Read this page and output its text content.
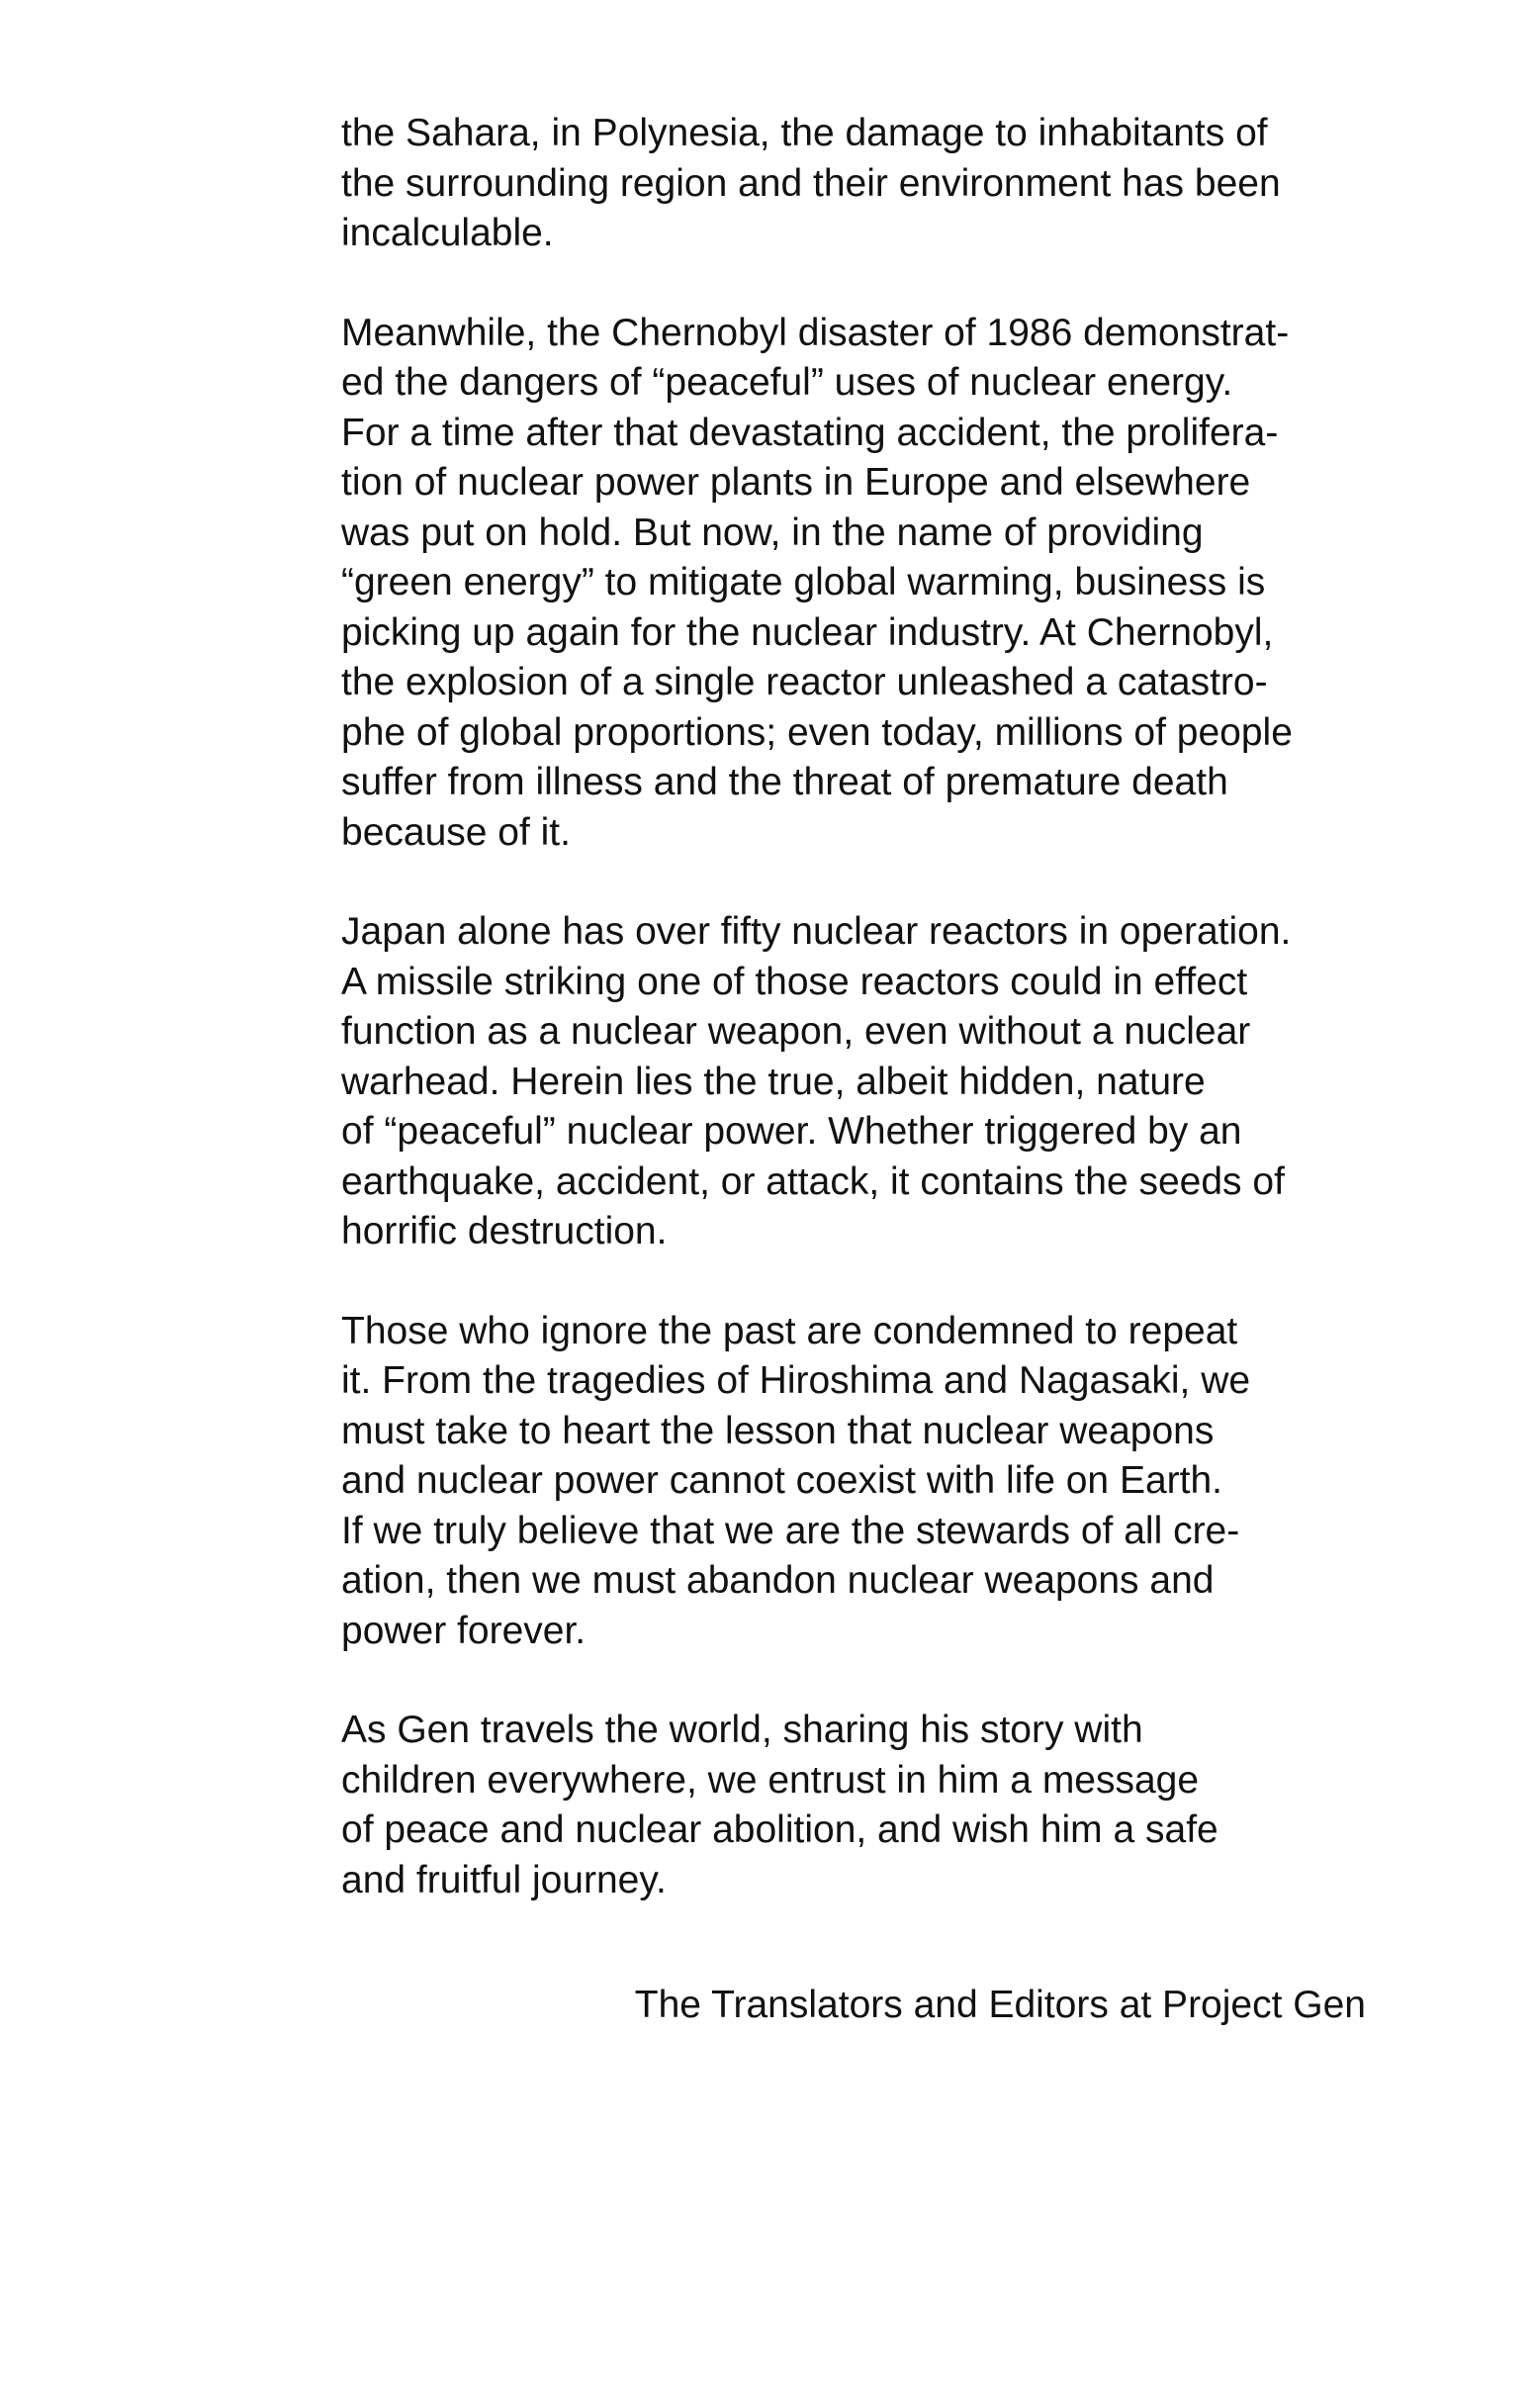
the Sahara, in Polynesia, the damage to inhabitants of
the surrounding region and their environment has been
incalculable.
Meanwhile, the Chernobyl disaster of 1986 demonstrat-
ed the dangers of “peaceful” uses of nuclear energy.
For a time after that devastating accident, the prolifera-
tion of nuclear power plants in Europe and elsewhere
was put on hold. But now, in the name of providing
“green energy” to mitigate global warming, business is
picking up again for the nuclear industry. At Chernobyl,
the explosion of a single reactor unleashed a catastro-
phe of global proportions; even today, millions of people
suffer from illness and the threat of premature death
because of it.
Japan alone has over fifty nuclear reactors in operation.
A missile striking one of those reactors could in effect
function as a nuclear weapon, even without a nuclear
warhead. Herein lies the true, albeit hidden, nature
of “peaceful” nuclear power. Whether triggered by an
earthquake, accident, or attack, it contains the seeds of
horrific destruction.
Those who ignore the past are condemned to repeat
it. From the tragedies of Hiroshima and Nagasaki, we
must take to heart the lesson that nuclear weapons
and nuclear power cannot coexist with life on Earth.
If we truly believe that we are the stewards of all cre-
ation, then we must abandon nuclear weapons and
power forever.
As Gen travels the world, sharing his story with
children everywhere, we entrust in him a message
of peace and nuclear abolition, and wish him a safe
and fruitful journey.
The Translators and Editors at Project Gen
